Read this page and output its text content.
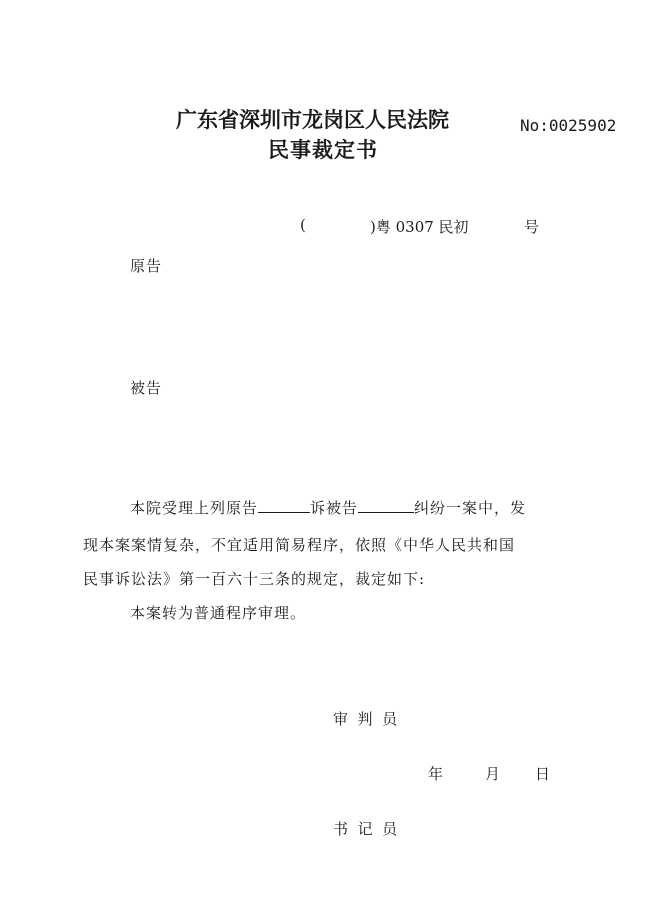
广东省深圳市龙岗区人民法院
民事裁定书
No:0025902
(	)粤 0307 民初	号
原告
被告
本院受理上列原告	诉被告	纠纷一案中，发
现本案案情复杂，不宜适用简易程序，依照《中华人民共和国
民事诉讼法》第一百六十三条的规定，裁定如下:
本案转为普通程序审理。
审  判  员
年	月 日
书  记  员
